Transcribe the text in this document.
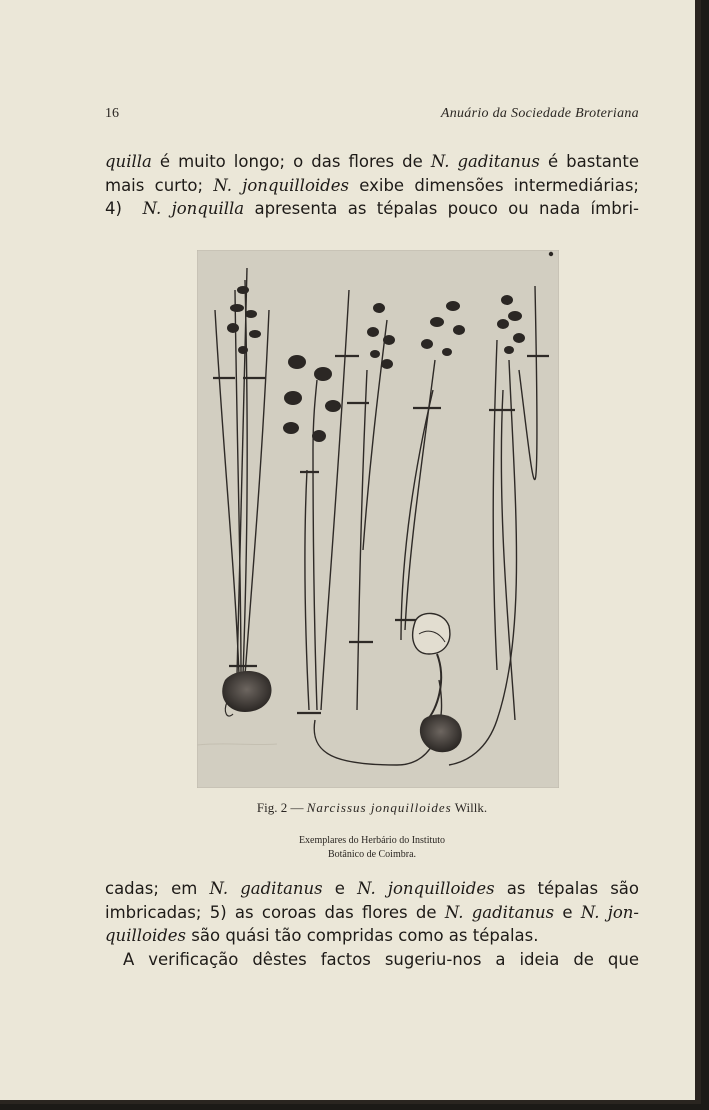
16	Anuário da Sociedade Broteriana
quilla é muito longo; o das flores de N. gaditanus é bastante
mais curto; N. jonquilloides exibe dimensões intermediárias;
4)  N. jonquilla apresenta as tépalas pouco ou nada ímbri-
Fig. 2 — Narcissus jonquilloides Willk.
Exemplares do Herbário do Instituto
Botânico de Coimbra.
cadas; em N. gaditanus e N. jonquilloides as tépalas são
imbricadas; 5) as coroas das flores de N. gaditanus e N. jon-
quilloides são quási tão compridas como as tépalas.
A verificação dêstes factos sugeriu-nos a ideia de que
